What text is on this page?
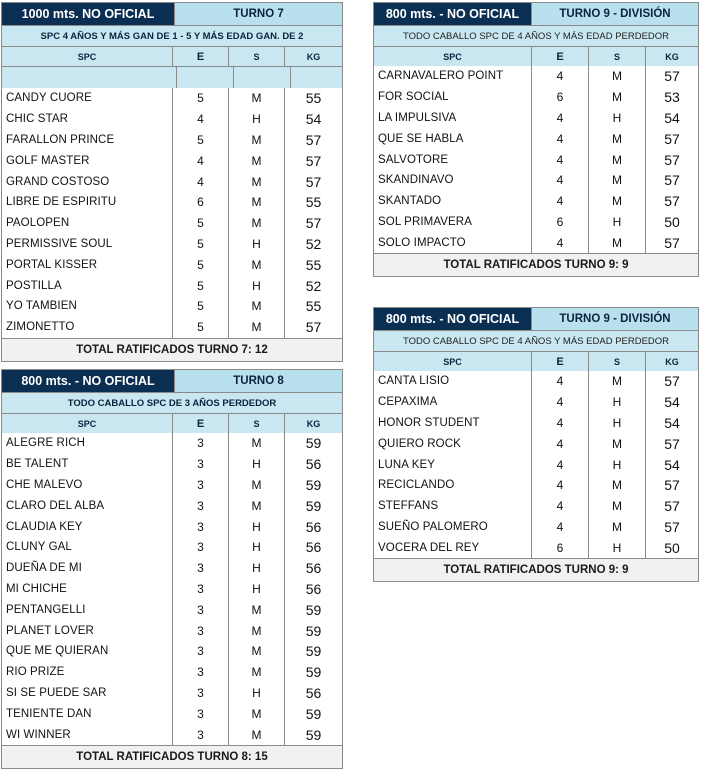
1000 mts. NO OFICIAL	TURNO 7
SPC 4 AÑOS Y MÁS GAN DE 1 - 5 Y MÁS EDAD GAN. DE 2
SPC	E	S	KG
CANDY CUORE	5	M	55
CHIC STAR	4	H	54
FARALLON PRINCE	5	M	57
GOLF MASTER	4	M	57
GRAND COSTOSO	4	M	57
LIBRE DE ESPIRITU	6	M	55
PAOLOPEN	5	M	57
PERMISSIVE SOUL	5	H	52
PORTAL KISSER	5	M	55
POSTILLA	5	H	52
YO TAMBIEN	5	M	55
ZIMONETTO	5	M	57
TOTAL RATIFICADOS TURNO 7: 12
800 mts. - NO OFICIAL	TURNO 8
TODO CABALLO SPC DE 3 AÑOS PERDEDOR
SPC	E	S	KG
ALEGRE RICH	3	M	59
BE TALENT	3	H	56
CHE MALEVO	3	M	59
CLARO DEL ALBA	3	M	59
CLAUDIA KEY	3	H	56
CLUNY GAL	3	H	56
DUEÑA DE MI	3	H	56
MI CHICHE	3	H	56
PENTANGELLI	3	M	59
PLANET LOVER	3	M	59
QUE ME QUIERAN	3	M	59
RIO PRIZE	3	M	59
SI SE PUEDE SAR	3	H	56
TENIENTE DAN	3	M	59
WI WINNER	3	M	59
TOTAL RATIFICADOS TURNO 8: 15
800 mts. - NO OFICIAL	TURNO 9 - DIVISIÓN
TODO CABALLO SPC DE 4 AÑOS Y MÁS EDAD PERDEDOR
SPC	E	S	KG
CARNAVALERO POINT	4	M	57
FOR SOCIAL	6	M	53
LA IMPULSIVA	4	H	54
QUE SE HABLA	4	M	57
SALVOTORE	4	M	57
SKANDINAVO	4	M	57
SKANTADO	4	M	57
SOL PRIMAVERA	6	H	50
SOLO IMPACTO	4	M	57
TOTAL RATIFICADOS TURNO 9: 9
800 mts. - NO OFICIAL	TURNO 9 - DIVISIÓN
TODO CABALLO SPC DE 4 AÑOS Y MÁS EDAD PERDEDOR
SPC	E	S	KG
CANTA LISIO	4	M	57
CEPAXIMA	4	H	54
HONOR STUDENT	4	H	54
QUIERO ROCK	4	M	57
LUNA KEY	4	H	54
RECICLANDO	4	M	57
STEFFANS	4	M	57
SUEÑO PALOMERO	4	M	57
VOCERA DEL REY	6	H	50
TOTAL RATIFICADOS TURNO 9: 9
